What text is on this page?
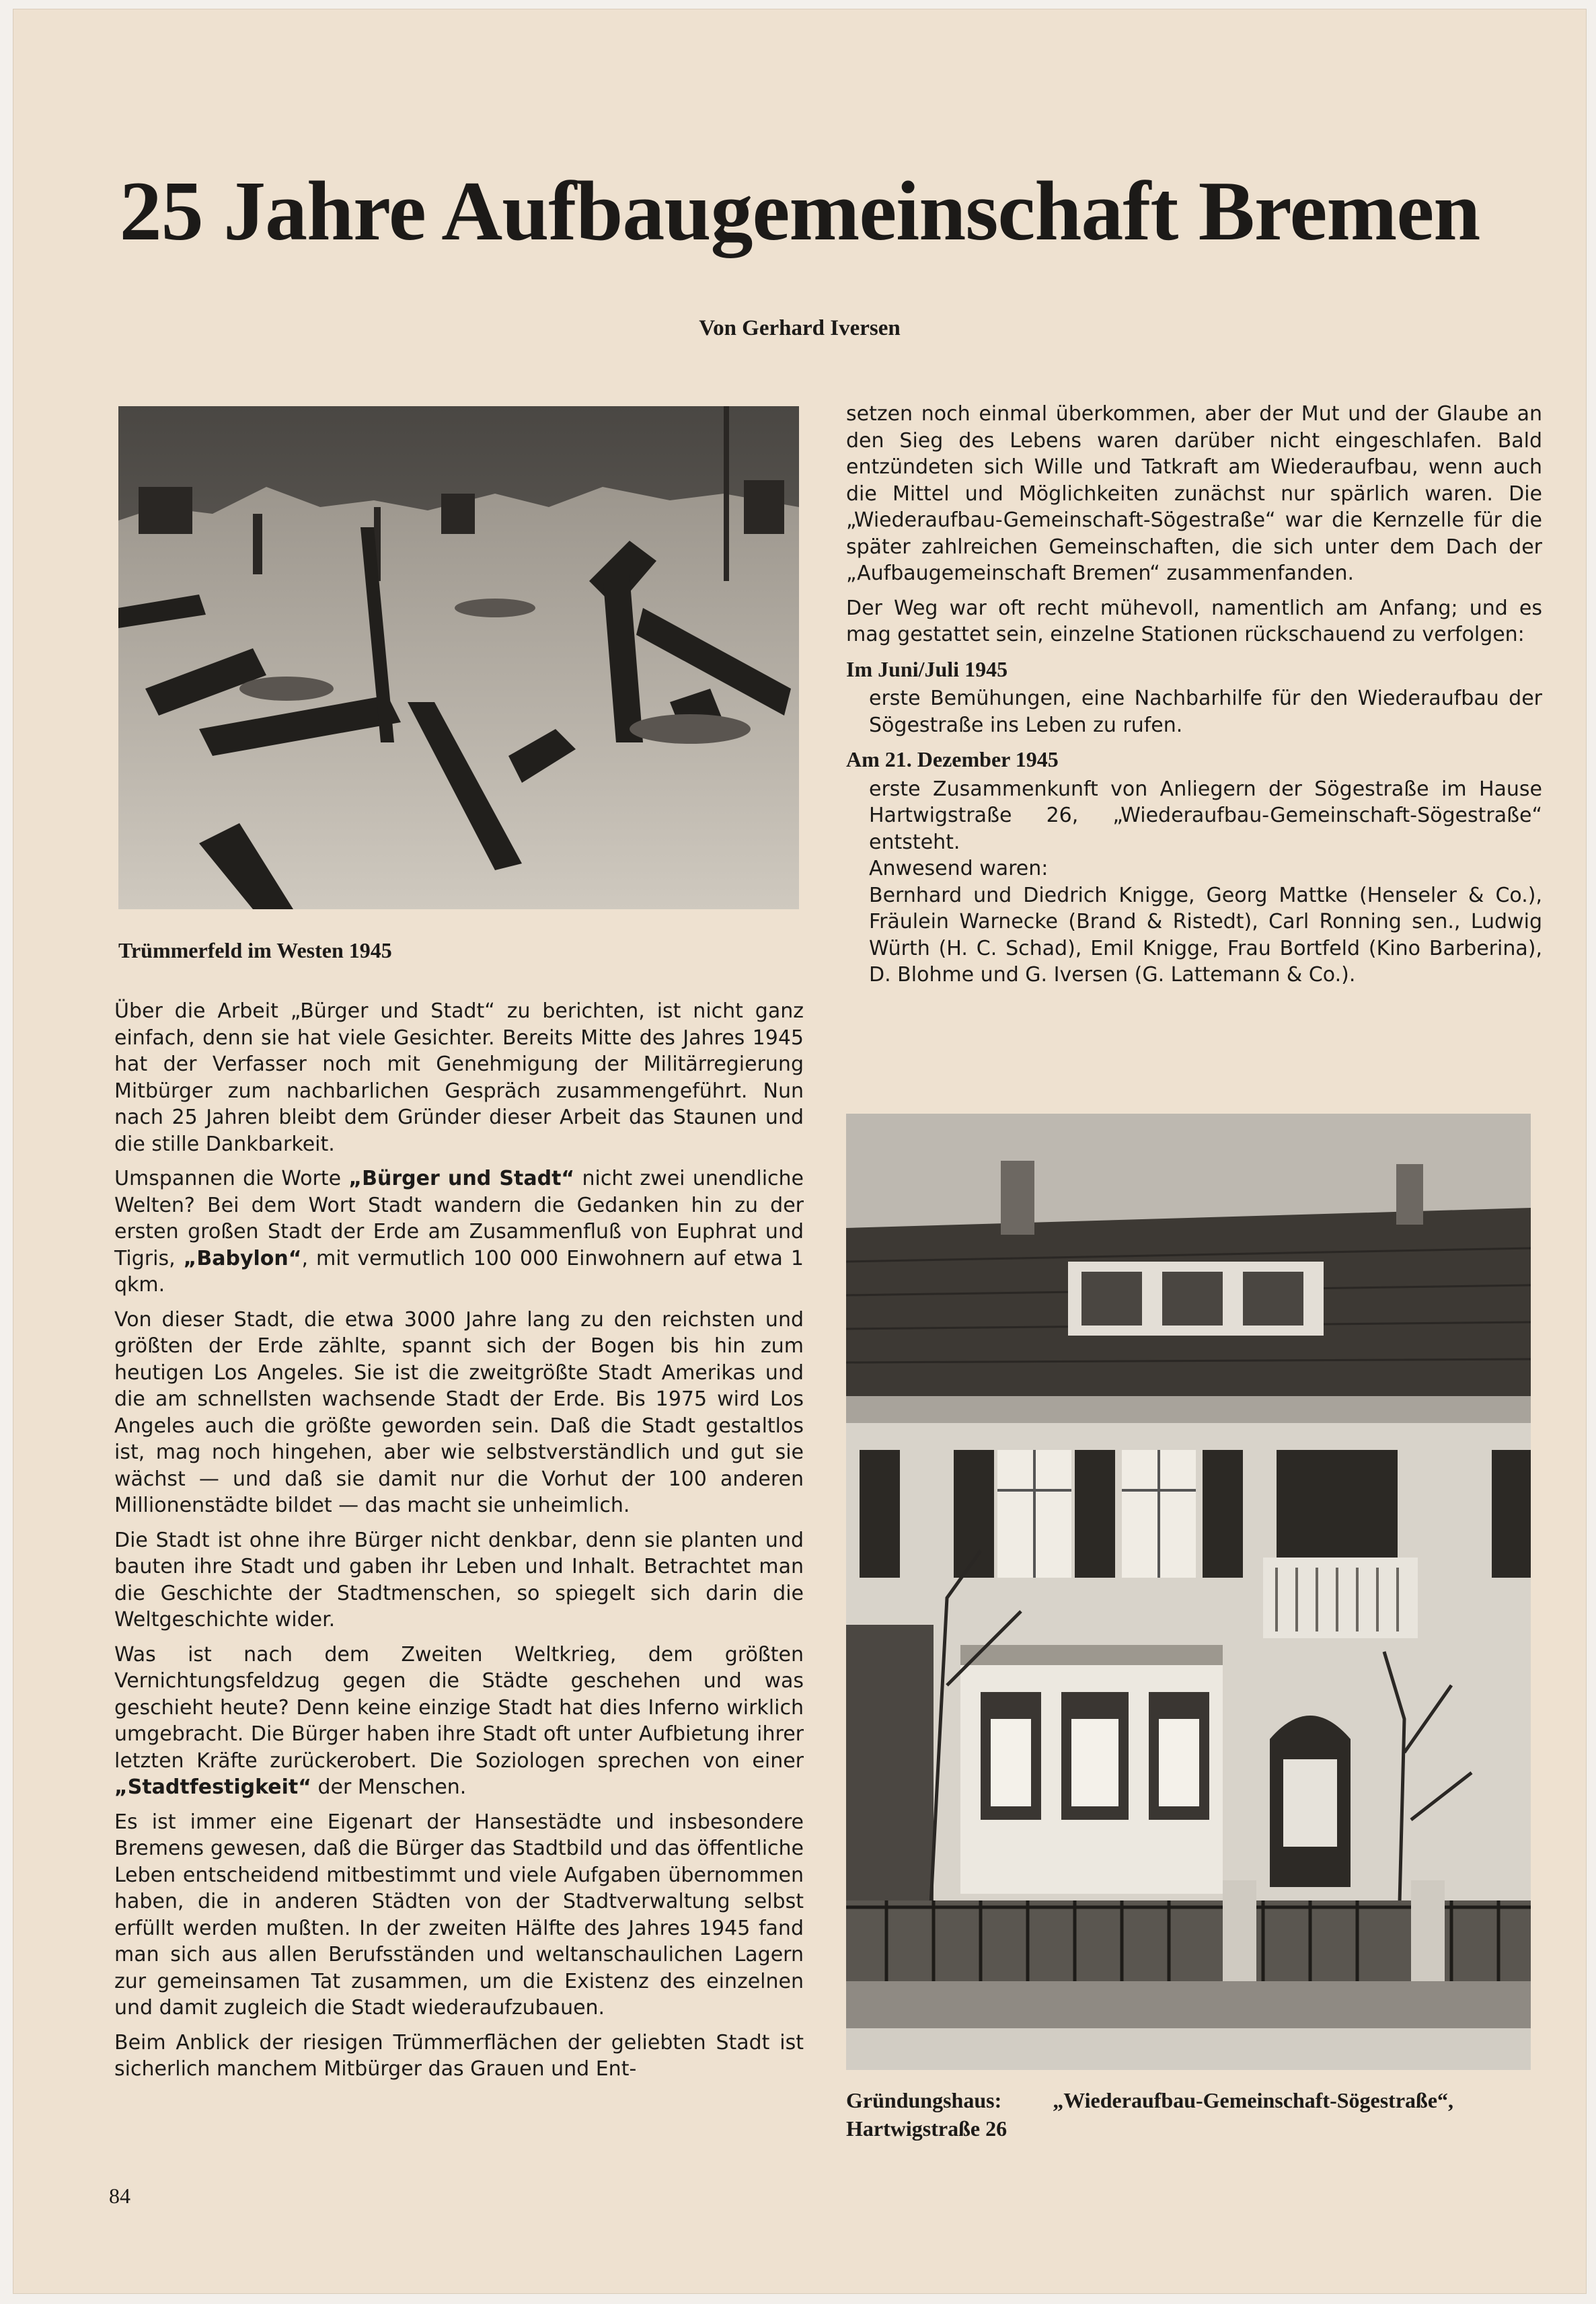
25 Jahre Aufbaugemeinschaft Bremen
Von Gerhard Iversen
Trümmerfeld im Westen 1945

Über die Arbeit „Bürger und Stadt“ zu berichten, ist nicht ganz einfach, denn sie hat viele Gesichter. Bereits Mitte des Jahres 1945 hat der Verfasser noch mit Genehmigung der Militärregierung Mitbürger zum nachbarlichen Gespräch zusammengeführt. Nun nach 25 Jahren bleibt dem Gründer dieser Arbeit das Staunen und die stille Dankbarkeit.

Umspannen die Worte „Bürger und Stadt“ nicht zwei unendliche Welten? Bei dem Wort Stadt wandern die Gedanken hin zu der ersten großen Stadt der Erde am Zusammenfluß von Euphrat und Tigris, „Babylon“, mit vermutlich 100 000 Einwohnern auf etwa 1 qkm.

Von dieser Stadt, die etwa 3000 Jahre lang zu den reichsten und größten der Erde zählte, spannt sich der Bogen bis hin zum heutigen Los Angeles. Sie ist die zweitgrößte Stadt Amerikas und die am schnellsten wachsende Stadt der Erde. Bis 1975 wird Los Angeles auch die größte geworden sein. Daß die Stadt gestaltlos ist, mag noch hingehen, aber wie selbstverständlich und gut sie wächst — und daß sie damit nur die Vorhut der 100 anderen Millionenstädte bildet — das macht sie unheimlich.

Die Stadt ist ohne ihre Bürger nicht denkbar, denn sie planten und bauten ihre Stadt und gaben ihr Leben und Inhalt. Betrachtet man die Geschichte der Stadtmenschen, so spiegelt sich darin die Weltgeschichte wider.

Was ist nach dem Zweiten Weltkrieg, dem größten Vernichtungsfeldzug gegen die Städte geschehen und was geschieht heute? Denn keine einzige Stadt hat dies Inferno wirklich umgebracht. Die Bürger haben ihre Stadt oft unter Aufbietung ihrer letzten Kräfte zurückerobert. Die Soziologen sprechen von einer „Stadtfestigkeit“ der Menschen.

Es ist immer eine Eigenart der Hansestädte und insbesondere Bremens gewesen, daß die Bürger das Stadtbild und das öffentliche Leben entscheidend mitbestimmt und viele Aufgaben übernommen haben, die in anderen Städten von der Stadtverwaltung selbst erfüllt werden mußten. In der zweiten Hälfte des Jahres 1945 fand man sich aus allen Berufsständen und weltanschaulichen Lagern zur gemeinsamen Tat zusammen, um die Existenz des einzelnen und damit zugleich die Stadt wiederaufzubauen.

Beim Anblick der riesigen Trümmerflächen der geliebten Stadt ist sicherlich manchem Mitbürger das Grauen und Ent-

setzen noch einmal überkommen, aber der Mut und der Glaube an den Sieg des Lebens waren darüber nicht eingeschlafen. Bald entzündeten sich Wille und Tatkraft am Wiederaufbau, wenn auch die Mittel und Möglichkeiten zunächst nur spärlich waren. Die „Wiederaufbau-Gemeinschaft-Sögestraße“ war die Kernzelle für die später zahlreichen Gemeinschaften, die sich unter dem Dach der „Aufbaugemeinschaft Bremen“ zusammenfanden.

Der Weg war oft recht mühevoll, namentlich am Anfang; und es mag gestattet sein, einzelne Stationen rückschauend zu verfolgen:

Im Juni/Juli 1945

erste Bemühungen, eine Nachbarhilfe für den Wiederaufbau der Sögestraße ins Leben zu rufen.

Am 21. Dezember 1945

erste Zusammenkunft von Anliegern der Sögestraße im Hause Hartwigstraße 26, „Wiederaufbau-Gemeinschaft-Sögestraße“ entsteht.
Anwesend waren:

Bernhard und Diedrich Knigge, Georg Mattke (Henseler & Co.), Fräulein Warnecke (Brand & Ristedt), Carl Ronning sen., Ludwig Würth (H. C. Schad), Emil Knigge, Frau Bortfeld (Kino Barberina), D. Blohme und G. Iversen (G. Lattemann & Co.).

Gründungshaus: „Wiederaufbau-Gemeinschaft-Sögestraße“,
Hartwigstraße 26
84
